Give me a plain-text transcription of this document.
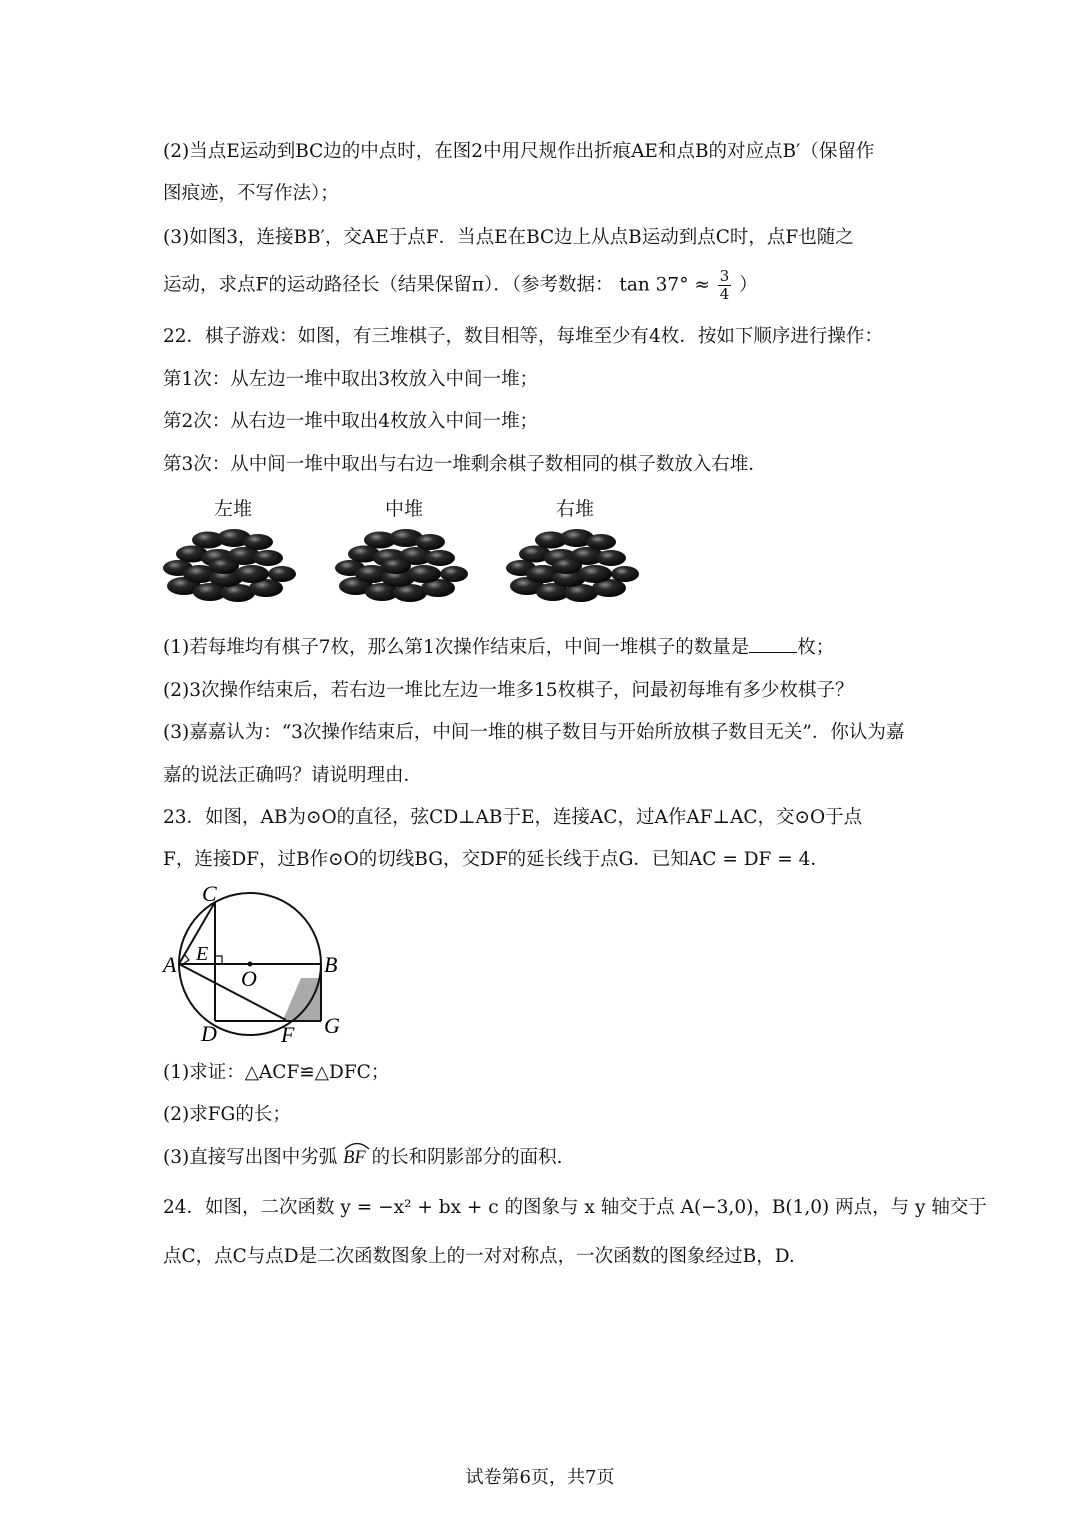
(2)当点E运动到BC边的中点时，在图2中用尺规作出折痕AE和点B的对应点B′（保留作
图痕迹，不写作法）；
(3)如图3，连接BB′，交AE于点F．当点E在BC边上从点B运动到点C时，点F也随之
运动，求点F的运动路径长（结果保留π）．（参考数据： $\tan 37^\circ \approx \frac{3}{4}$ ）
22．棋子游戏：如图，有三堆棋子，数目相等，每堆至少有4枚．按如下顺序进行操作：
第1次：从左边一堆中取出3枚放入中间一堆；
第2次：从右边一堆中取出4枚放入中间一堆；
第3次：从中间一堆中取出与右边一堆剩余棋子数相同的棋子数放入右堆．
左堆	中堆	右堆
(1)若每堆均有棋子7枚，那么第1次操作结束后，中间一堆棋子的数量是	枚；
(2)3次操作结束后，若右边一堆比左边一堆多15枚棋子，问最初每堆有多少枚棋子？
(3)嘉嘉认为：“3次操作结束后，中间一堆的棋子数目与开始所放棋子数目无关”．你认为嘉
嘉的说法正确吗？请说明理由．
23．如图，AB为⊙O的直径，弦CD⊥AB于E，连接AC，过A作AF⊥AC，交⊙O于点
F，连接DF，过B作⊙O的切线BG，交DF的延长线于点G．已知AC = DF = 4．
C
E
A
O
B
D	F G
(1)求证：△ACF≌△DFC；
(2)求FG的长；
(3)直接写出图中劣弧 BF 的长和阴影部分的面积.
24．如图，二次函数 y = −x² + bx + c 的图象与 x 轴交于点 A(−3,0)，B(1,0) 两点，与 y 轴交于
点C，点C与点D是二次函数图象上的一对对称点，一次函数的图象经过B，D.
试卷第6页，共7页
